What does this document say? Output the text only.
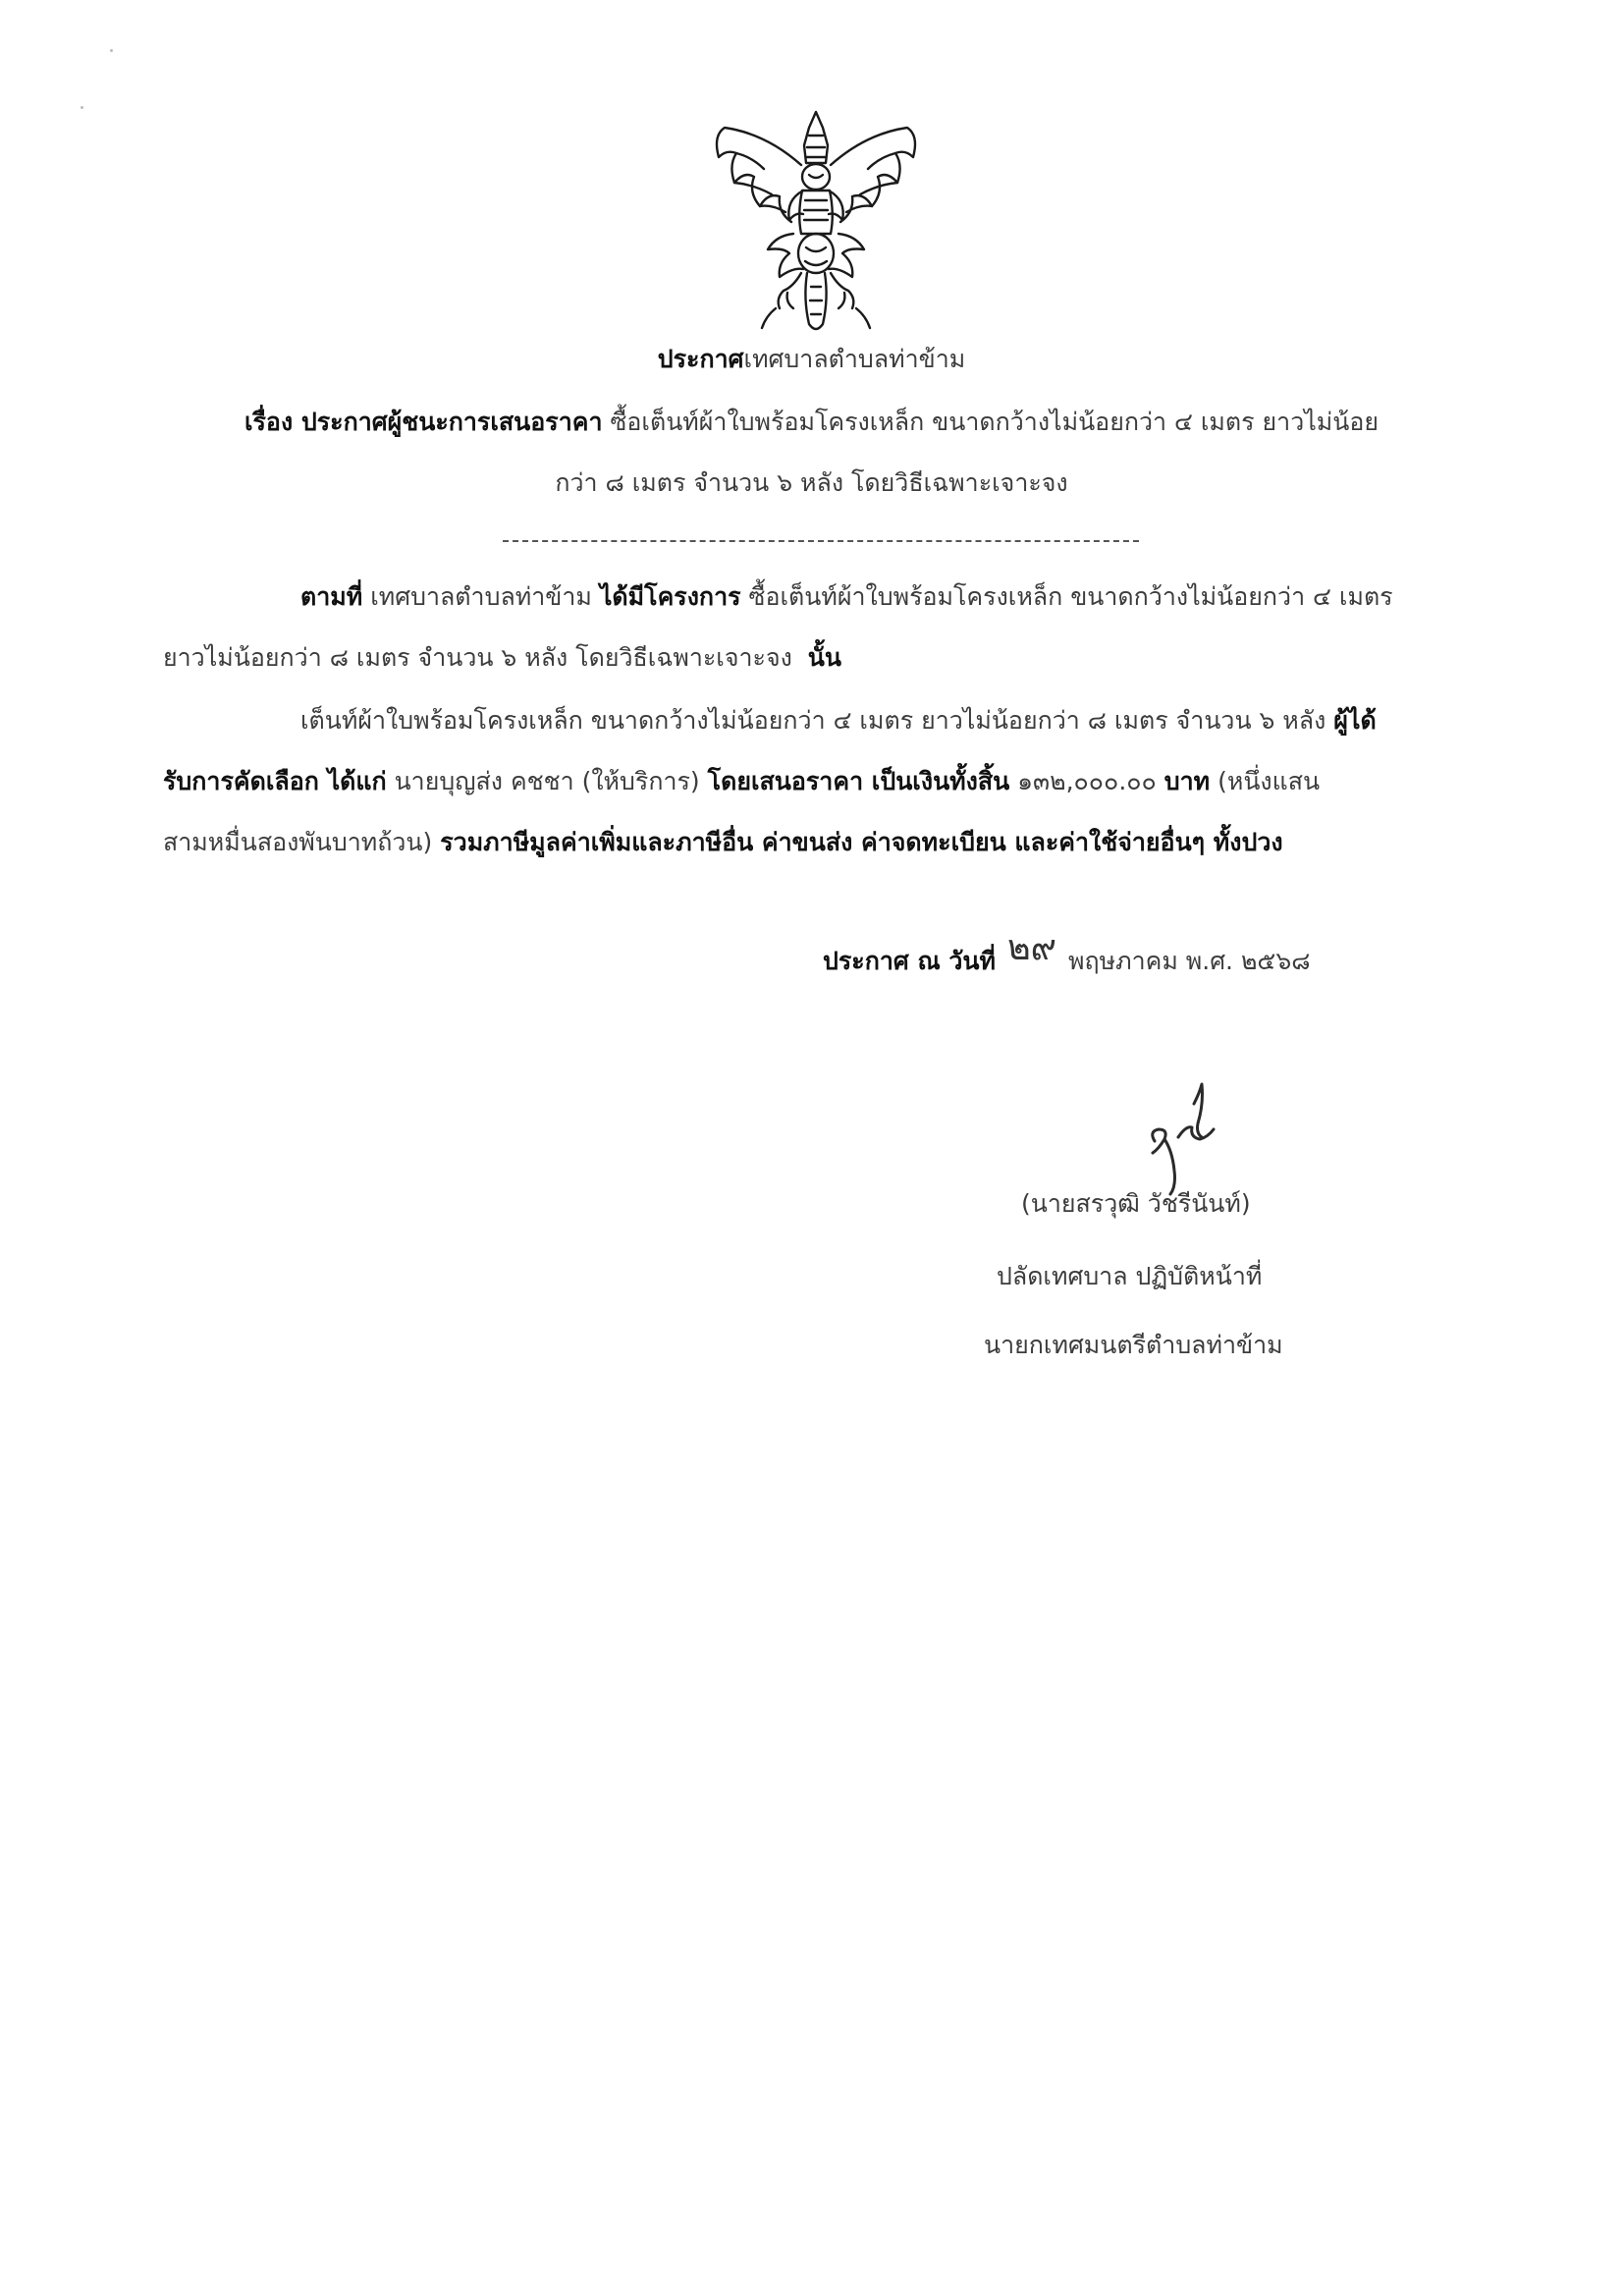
ประกาศเทศบาลตำบลท่าข้าม
เรื่อง ประกาศผู้ชนะการเสนอราคา ซื้อเต็นท์ผ้าใบพร้อมโครงเหล็ก ขนาดกว้างไม่น้อยกว่า ๔ เมตร ยาวไม่น้อย
กว่า ๘ เมตร จำนวน ๖ หลัง โดยวิธีเฉพาะเจาะจง
ตามที่ เทศบาลตำบลท่าข้าม ได้มีโครงการ ซื้อเต็นท์ผ้าใบพร้อมโครงเหล็ก ขนาดกว้างไม่น้อยกว่า ๔ เมตร
ยาวไม่น้อยกว่า ๘ เมตร จำนวน ๖ หลัง โดยวิธีเฉพาะเจาะจง นั้น
เต็นท์ผ้าใบพร้อมโครงเหล็ก ขนาดกว้างไม่น้อยกว่า ๔ เมตร ยาวไม่น้อยกว่า ๘ เมตร จำนวน ๖ หลัง ผู้ได้
รับการคัดเลือก ได้แก่ นายบุญส่ง คชชา (ให้บริการ) โดยเสนอราคา เป็นเงินทั้งสิ้น ๑๓๒,๐๐๐.๐๐ บาท (หนึ่งแสน
สามหมื่นสองพันบาทถ้วน) รวมภาษีมูลค่าเพิ่มและภาษีอื่น ค่าขนส่ง ค่าจดทะเบียน และค่าใช้จ่ายอื่นๆ ทั้งปวง
ประกาศ ณ วันที่ ๒๙ พฤษภาคม พ.ศ. ๒๕๖๘
(นายสรวุฒิ วัชรีนันท์)
ปลัดเทศบาล ปฏิบัติหน้าที่
นายกเทศมนตรีตำบลท่าข้าม
